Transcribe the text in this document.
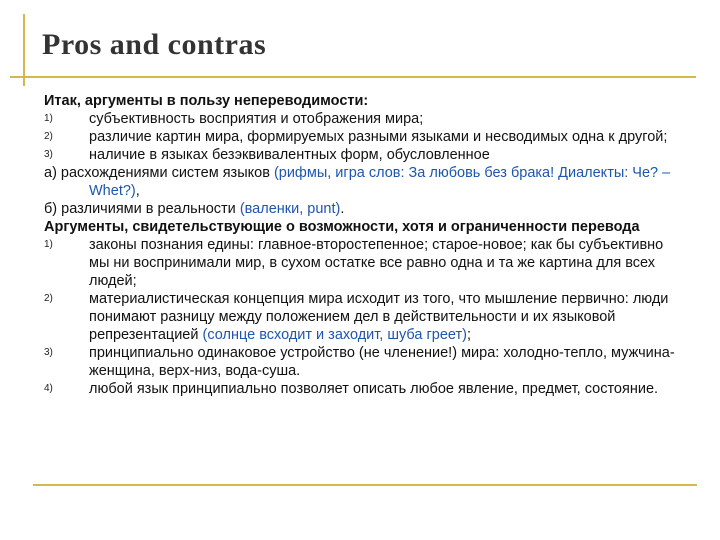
Pros and contras
Итак, аргументы в пользу непереводимости:
1) субъективность восприятия и отображения мира;
2) различие картин мира, формируемых разными языками и несводимых одна к другой;
3) наличие в языках безэквивалентных форм, обусловленное
а) расхождениями систем языков (рифмы, игра слов: За любовь без брака! Диалекты: Че? – Whet?),
б) различиями в реальности (валенки, punt).
Аргументы, свидетельствующие о возможности, хотя и ограниченности перевода
1) законы познания едины: главное-второстепенное; старое-новое; как бы субъективно мы ни воспринимали мир, в сухом остатке все равно одна и та же картина для всех людей;
2) материалистическая концепция мира исходит из того, что мышление первично: люди понимают разницу между положением дел в действительности и их языковой репрезентацией (солнце всходит и заходит, шуба греет);
3) принципиально одинаковое устройство (не членение!) мира: холодно-тепло, мужчина-женщина, верх-низ, вода-суша.
4) любой язык принципиально позволяет описать любое явление, предмет, состояние.
